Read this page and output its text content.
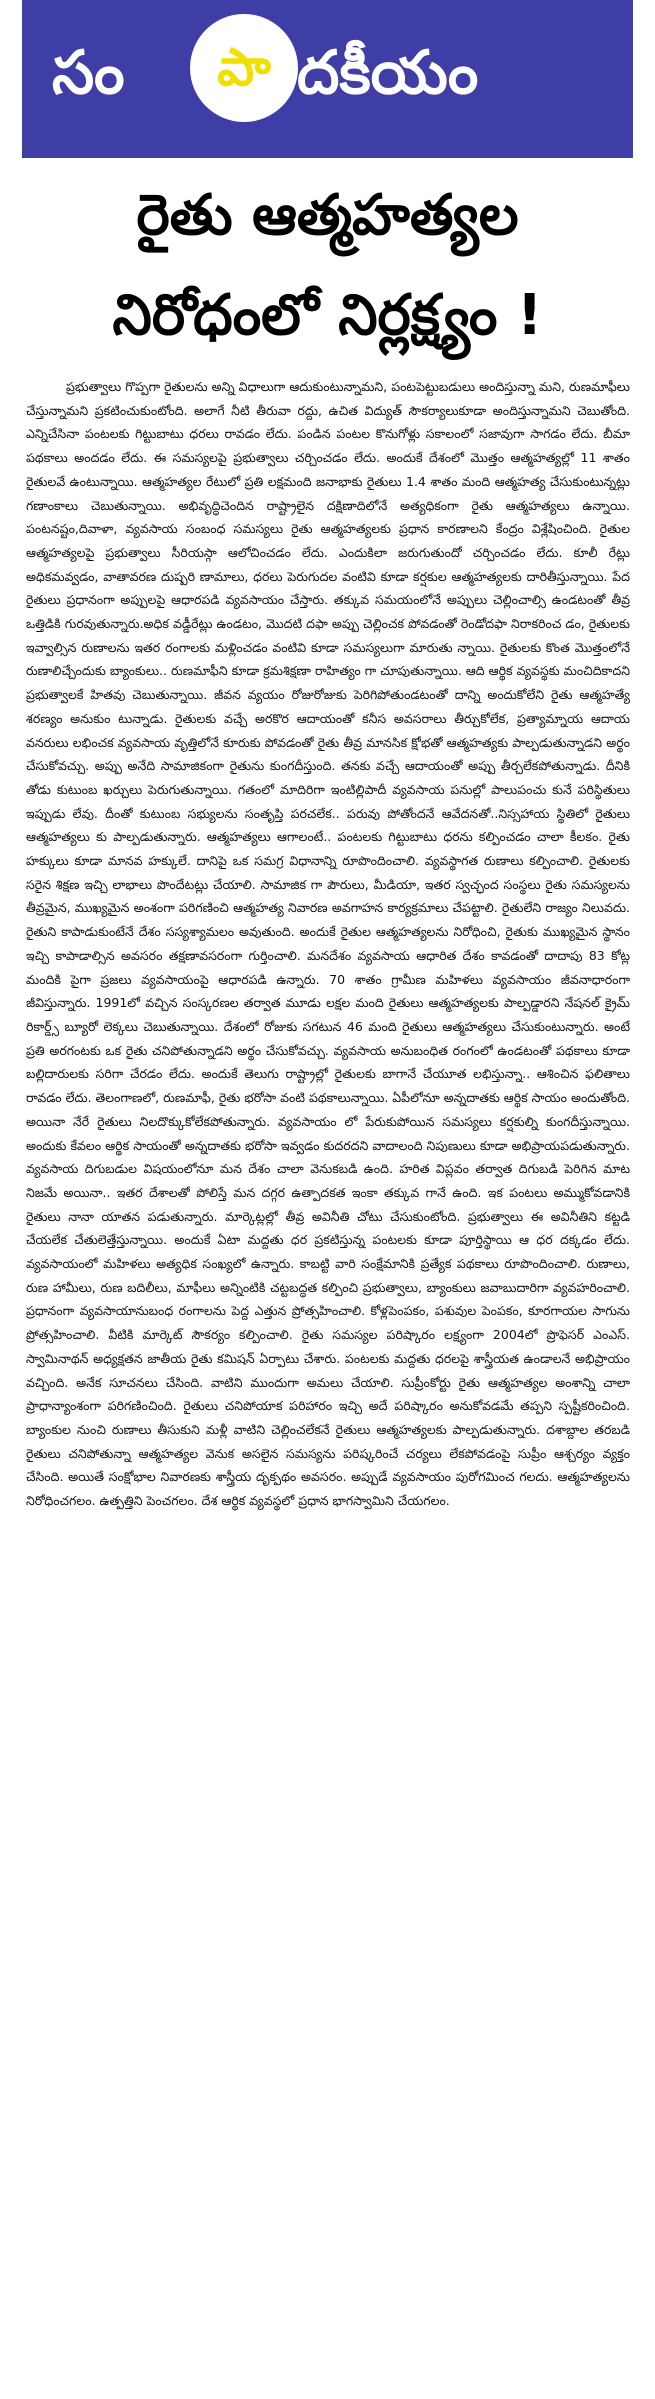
సం	పా దకీయం
రైతు ఆత్మహత్యల
నిరోధంలో నిర్లక్ష్యం !

ప్రభుత్వాలు గొప్పగా రైతులను అన్ని విధాలుగా ఆదుకుంటున్నామని, పంటపెట్టుబడులు అందిస్తున్నా మని, రుణమాఫీలు చేస్తున్నామని ప్రకటించుకుంటోంది. అలాగే నీటి తీరువా రద్దు, ఉచిత విద్యుత్ సౌకర్యాలుకూడా అందిస్తున్నామని చెబుతోంది. ఎన్నిచేసినా పంటలకు గిట్టుబాటు ధరలు రావడం లేదు. పండిన పంటల కొనుగోళ్లు సకాలంలో సజావుగా సాగడం లేదు. బీమా పథకాలు అందడం లేదు. ఈ సమస్యలపై ప్రభుత్వాలు చర్చించడం లేదు. అందుకే దేశంలో మొత్తం ఆత్మహత్యల్లో 11 శాతం రైతులవే ఉంటున్నాయి. ఆత్మహత్యల రేటులో ప్రతి లక్షమంది జనాభాకు రైతులు 1.4 శాతం మంది ఆత్మహత్య చేసుకుంటున్నట్లు గణాంకాలు చెబుతున్నాయి. అభివృద్ధిచెందిన రాష్ట్రాలైన దక్షిణాదిలోనే అత్యధికంగా రైతు ఆత్మహత్యలు ఉన్నాయి. పంటనష్టం,దివాళా, వ్యవసాయ సంబంధ సమస్యలు రైతు ఆత్మహత్యలకు ప్రధాన కారణాలని కేంద్రం విశ్లేషించింది. రైతుల ఆత్మహత్యలపై ప్రభుత్వాలు సీరియస్గా ఆలోచించడం లేదు. ఎందుకిలా జరుగుతుందో చర్చించడం లేదు. కూలీ రేట్లు అధికమవ్వడం, వాతావరణ దుష్పరి ణామాలు, ధరలు పెరుగుదల వంటివి కూడా కర్షకుల ఆత్మహత్యలకు దారితీస్తున్నాయి. పేద రైతులు ప్రధానంగా అప్పులపై ఆధారపడి వ్యవసాయం చేస్తారు. తక్కువ సమయంలోనే అప్పులు చెల్లించాల్సి ఉండటంతో తీవ్ర ఒత్తిడికి గురవుతున్నారు.అధిక వడ్డీరేట్లు ఉండటం, మొదటి దఫా అప్పు చెల్లించక పోవడంతో రెండోదఫా నిరాకరించ డం, రైతులకు ఇవ్వాల్సిన రుణాలను ఇతర రంగాలకు మళ్లించడం వంటివి కూడా సమస్యలుగా మారుతు న్నాయి. రైతులకు కొంత మొత్తంలోనే రుణాలిచ్చేందుకు బ్యాంకులు.. రుణమాఫీని కూడా క్రమశిక్షణా రాహిత్యం గా చూపుతున్నాయి. ఆది ఆర్థిక వ్యవస్థకు మంచిదికాదని ప్రభుత్వాలకే హితవు చెబుతున్నాయి. జీవన వ్యయం రోజురోజుకు పెరిగిపోతుండటంతో దాన్ని అందుకోలేని రైతు ఆత్మహత్యే శరణ్యం అనుకుం టున్నాడు. రైతులకు వచ్చే అరకొర ఆదాయంతో కనీస అవసరాలు తీర్చుకోలేక, ప్రత్యామ్నాయ ఆదాయ వనరులు లభించక వ్యవసాయ వృత్తిలోనే కూరుకు పోవడంతో రైతు తీవ్ర మానసిక క్షోభతో ఆత్మహత్యకు పాల్పడుతున్నాడని అర్థం చేసుకోవచ్చు. అప్పు అనేది సామాజికంగా రైతును కుంగదీస్తుంది. తనకు వచ్చే ఆదాయంతో అప్పు తీర్చలేకపోతున్నాడు. దీనికి తోడు కుటుంబ ఖర్చులు పెరుగుతున్నాయి. గతంలో మాదిరిగా ఇంటిల్లిపాదీ వ్యవసాయ పనుల్లో పాలుపంచు కునే పరిస్థితులు ఇప్పుడు లేవు. దీంతో కుటుంబ సభ్యులను సంతృప్తి పరచలేక.. పరువు పోతోందనే ఆవేదనతో..నిస్సహాయ స్థితిలో రైతులు ఆత్మహత్యలు కు పాల్పడుతున్నారు. ఆత్మహత్యలు ఆగాలంటే.. పంటలకు గిట్టుబాటు ధరను కల్పించడం చాలా కీలకం. రైతు హక్కులు కూడా మానవ హక్కులే. దానిపై ఒక సమగ్ర విధానాన్ని రూపొందించాలి. వ్యవస్థాగత రుణాలు కల్పించాలి. రైతులకు సరైన శిక్షణ ఇచ్చి లాభాలు పొందేటట్లు చేయాలి. సామాజిక గా పౌరులు, మీడియా, ఇతర స్వచ్ఛంద సంస్థలు రైతు సమస్యలను తీవ్రమైన, ముఖ్యమైన అంశంగా పరిగణించి ఆత్మహత్య నివారణ అవగాహన కార్యక్రమాలు చేపట్టాలి. రైతులేని రాజ్యం నిలువదు. రైతుని కాపాడుకుంటేనే దేశం సస్యశ్యామలం అవుతుంది. అందుకే రైతుల ఆత్మహత్యలను నిరోధించి, రైతుకు ముఖ్యమైన స్థానం ఇచ్చి కాపాడాల్సిన అవసరం తక్షణావసరంగా గుర్తించాలి. మనదేశం వ్యవసాయ ఆధారిత దేశం కావడంతో దాదాపు 83 కోట్ల మందికి పైగా ప్రజలు వ్యవసాయంపై ఆధారపడి ఉన్నారు. 70 శాతం గ్రామీణ మహిళలు వ్యవసాయం జీవనాధారంగా జీవిస్తున్నారు. 1991లో వచ్చిన సంస్కరణల తర్వాత మూడు లక్షల మంది రైతులు ఆత్మహత్యలకు పాల్పడ్డారని నేషనల్ క్రైమ్ రికార్డ్స్ బ్యూరో లెక్కలు చెబుతున్నాయి. దేశంలో రోజుకు సగటున 46 మంది రైతులు ఆత్మహత్యలు చేసుకుంటున్నారు. అంటే ప్రతి అరగంటకు ఒక రైతు చనిపోతున్నాడని అర్థం చేసుకోవచ్చు. వ్యవసాయ అనుబంధిత రంగంలో ఉండటంతో పథకాలు కూడా బల్లిదారులకు సరిగా చేరడం లేదు. అందుకే తెలుగు రాష్ట్రాల్లో రైతులకు బాగానే చేయూత లభిస్తున్నా.. ఆశించిన ఫలితాలు రావడం లేదు. తెలంగాణలో, రుణమాఫీ, రైతు భరోసా వంటి పథకాలున్నాయి. ఏపీలోనూ అన్నదాతకు ఆర్థిక సాయం అందుతోంది. అయినా నేరే రైతులు నిలదొక్కుకోలేకపోతున్నారు. వ్యవసాయం లో పేరుకుపోయిన సమస్యలు కర్షకుల్ని కుంగదీస్తున్నాయి. అందుకు కేవలం ఆర్థిక సాయంతో అన్నదాతకు భరోసా ఇవ్వడం కుదరదని వాదాలంది నిపుణులు కూడా అభిప్రాయపడుతున్నారు. వ్యవసాయ దిగుబడుల విషయంలోనూ మన దేశం చాలా వెనుకబడి ఉంది. హరిత విప్లవం తర్వాత దిగుబడి పెరిగిన మాట నిజమే అయినా.. ఇతర దేశాలతో పోలిస్తే మన దగ్గర ఉత్పాదకత ఇంకా తక్కువ గానే ఉంది. ఇక పంటలు అమ్ముకోవడానికి రైతులు నానా యాతన పడుతున్నారు. మార్కెట్లల్లో తీవ్ర అవినీతి చోటు చేసుకుంటోంది. ప్రభుత్వాలు ఈ అవినీతిని కట్టడి చేయలేక చేతులెత్తేస్తున్నాయి. అందుకే ఏటా మద్దతు ధర ప్రకటిస్తున్న పంటలకు కూడా పూర్తిస్థాయి ఆ ధర దక్కడం లేదు. వ్యవసాయంలో మహిళలు అత్యధిక సంఖ్యలో ఉన్నారు. కాబట్టి వారి సంక్షేమానికి ప్రత్యేక పథకాలు రూపొందించాలి. రుణాలు, రుణ హామీలు, రుణ బదిలీలు, మాఫీలు అన్నింటికి చట్టబద్ధత కల్పించి ప్రభుత్వాలు, బ్యాంకులు జవాబుదారిగా వ్యవహరించాలి. ప్రధానంగా వ్యవసాయానుబంధ రంగాలను పెద్ద ఎత్తున ప్రోత్సహించాలి. కోళ్లపెంపకం, పశువుల పెంపకం, కూరగాయల సాగును ప్రోత్సహించాలి. వీటికి మార్కెట్ సౌకర్యం కల్పించాలి. రైతు సమస్యల పరిష్కారం లక్ష్యంగా 2004లో ప్రొఫెసర్ ఎంఎస్. స్వామినాథన్ అధ్యక్షతన జాతీయ రైతు కమిషన్ ఏర్పాటు చేశారు. పంటలకు మద్దతు ధరలపై శాస్త్రీయత ఉండాలనే అభిప్రాయం వచ్చింది. అనేక సూచనలు చేసింది. వాటిని ముందుగా అమలు చేయాలి. సుప్రీంకోర్టు రైతు ఆత్మహత్యల అంశాన్ని చాలా ప్రాధాన్యాంశంగా పరిగణించింది. రైతులు చనిపోయాక పరిహారం ఇచ్చి అదే పరిష్కారం అనుకోవడమే తప్పని స్పష్టీకరించింది. బ్యాంకుల నుంచి రుణాలు తీసుకుని మళ్లీ వాటిని చెల్లించలేకనే రైతులు ఆత్మహత్యలకు పాల్పడుతున్నారు. దశాబ్దాల తరబడి రైతులు చనిపోతున్నా ఆత్మహత్యల వెనుక అసలైన సమస్యను పరిష్కరించే చర్యలు లేకపోవడంపై సుప్రీం ఆశ్చర్యం వ్యక్తం చేసింది. అయితే సంక్షోభాల నివారణకు శాస్త్రీయ దృక్పథం అవసరం. అప్పుడే వ్యవసాయం పురోగమించ గలదు. ఆత్మహత్యలను నిరోధించగలం. ఉత్పత్తిని పెంచగలం. దేశ ఆర్థిక వ్యవస్థలో ప్రధాన భాగస్వామిని చేయగలం.
